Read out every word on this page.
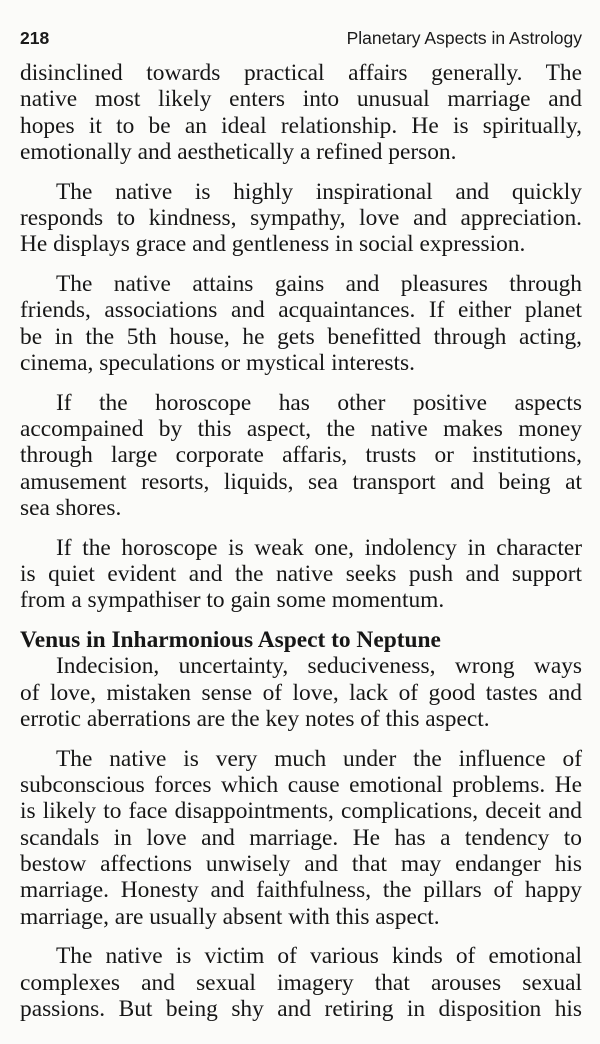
218	Planetary Aspects in Astrology
disinclined towards practical affairs generally. The
native most likely enters into unusual marriage and
hopes it to be an ideal relationship. He is spiritually,
emotionally and aesthetically a refined person.
The native is highly inspirational and quickly
responds to kindness, sympathy, love and appreciation.
He displays grace and gentleness in social expression.
The native attains gains and pleasures through
friends, associations and acquaintances. If either planet
be in the 5th house, he gets benefitted through acting,
cinema, speculations or mystical interests.
If the horoscope has other positive aspects
accompained by this aspect, the native makes money
through large corporate affaris, trusts or institutions,
amusement resorts, liquids, sea transport and being at
sea shores.
If the horoscope is weak one, indolency in character
is quiet evident and the native seeks push and support
from a sympathiser to gain some momentum.
Venus in Inharmonious Aspect to Neptune
Indecision, uncertainty, seduciveness, wrong ways
of love, mistaken sense of love, lack of good tastes and
errotic aberrations are the key notes of this aspect.
The native is very much under the influence of
subconscious forces which cause emotional problems. He
is likely to face disappointments, complications, deceit and
scandals in love and marriage. He has a tendency to
bestow affections unwisely and that may endanger his
marriage. Honesty and faithfulness, the pillars of happy
marriage, are usually absent with this aspect.
The native is victim of various kinds of emotional
complexes and sexual imagery that arouses sexual
passions. But being shy and retiring in disposition his
